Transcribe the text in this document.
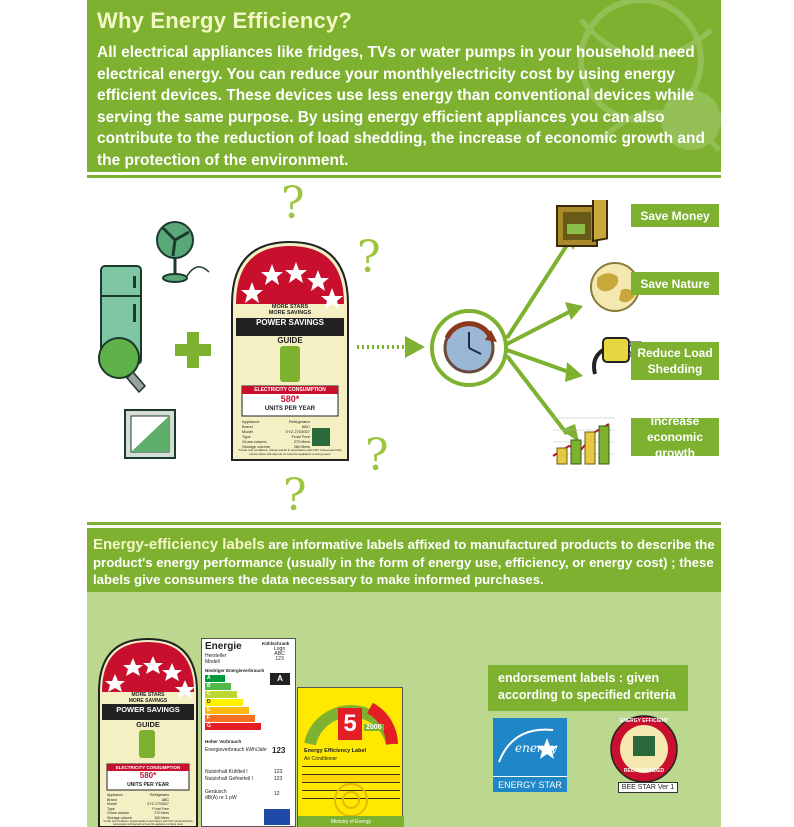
Why Energy Efficiency?

All electrical appliances like fridges, TVs or water pumps in your household need electrical energy. You can reduce your monthlyelectricity cost by using energy efficient devices. These devices use less energy than conventional devices while serving the same purpose. By using energy efficient appliances you can also contribute to the reduction of load shedding, the increase of economic growth and the protection of the environment.

?
?
?
?
MORE STARS
MORE SAVINGS
POWER SAVINGS
GUIDE
ELECTRICITY CONSUMPTION
580*
UNITS PER YEAR
Appliance	Refrigerator
Brand	ABC
Model	XYZ 2703007
Type	Frost Free
Gross volume	270 liters
Storage volume	260 liters
*Under test conditions, Actual results in accordance with ISO. Actual electricity consumption will depend on how the appliance is being used.
Save Money
Save Nature
Reduce Load Shedding
Increase economic growth

Energy-efficiency labels are informative labels affixed to manufactured products to describe the product's energy performance (usually in the form of energy use, efficiency, or energy cost) ; these labels give consumers the data necessary to make informed purchases.

MORE STARS
MORE SAVINGS
POWER SAVINGS
GUIDE
ELECTRICITY CONSUMPTION
580*
UNITS PER YEAR
Appliance	Refrigerator
Brand	ABC
Model	XYZ 2703007
Type	Frost Free
Gross volume	270 liters
Storage volume	260 liters
*Under test conditions, Actual results in accordance with ISO. Actual electricity consumption will depend on how the appliance is being used.
Energie	Kühlschrank
Hersteller
Modell
Logo
ABC
123
Niedriger Energieverbrauch
A
B
C
D
E
F
G
A
Hoher Verbrauch
Energieverbrauch kWh/Jahr 123
Nutzinhalt Kühlteil l	123
Nutzinhalt Gefrierteil l	123
Geräusch
dB(A) re 1 pW
12
5	2006
Energy Efficiency Label
Air Conditioner
Ministry of Energy
endorsement labels : given according to specified criteria
energy
ENERGY STAR
ENERGY EFFICIENT
RECOMMENDED
BEE STAR Ver 1
